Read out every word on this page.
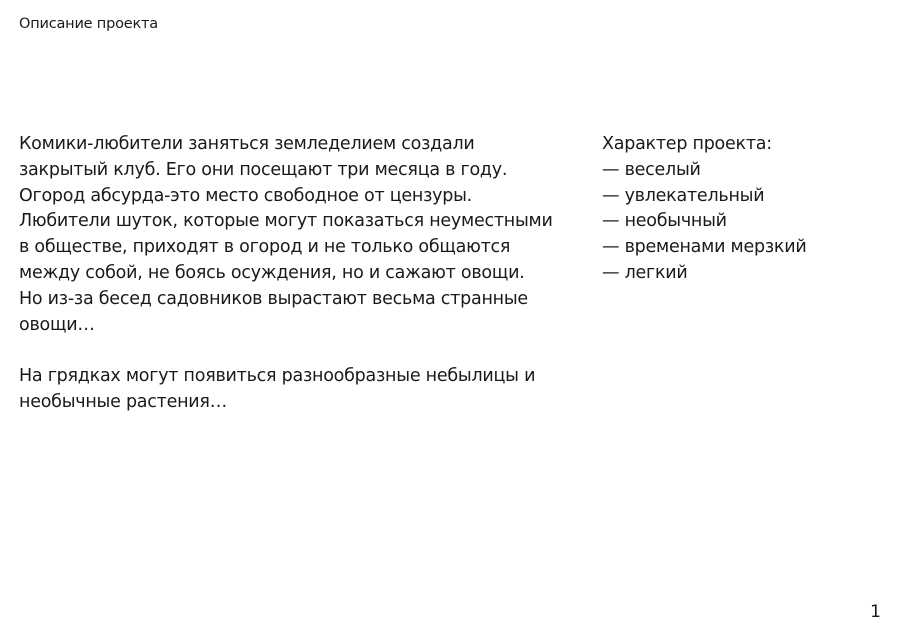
Описание проекта

Комики-любители заняться земледелием создали
закрытый клуб. Его они посещают три месяца в году.
Огород абсурда-это место свободное от цензуры.
Любители шуток, которые могут показаться неуместными
в обществе, приходят в огород и не только общаются
между собой, не боясь осуждения, но и сажают овощи.
Но из-за бесед садовников вырастают весьма странные
овощи…

На грядках могут появиться разнообразные небылицы и
необычные растения…

Характер проекта:
— веселый
— увлекательный
— необычный
— временами мерзкий
— легкий
1
